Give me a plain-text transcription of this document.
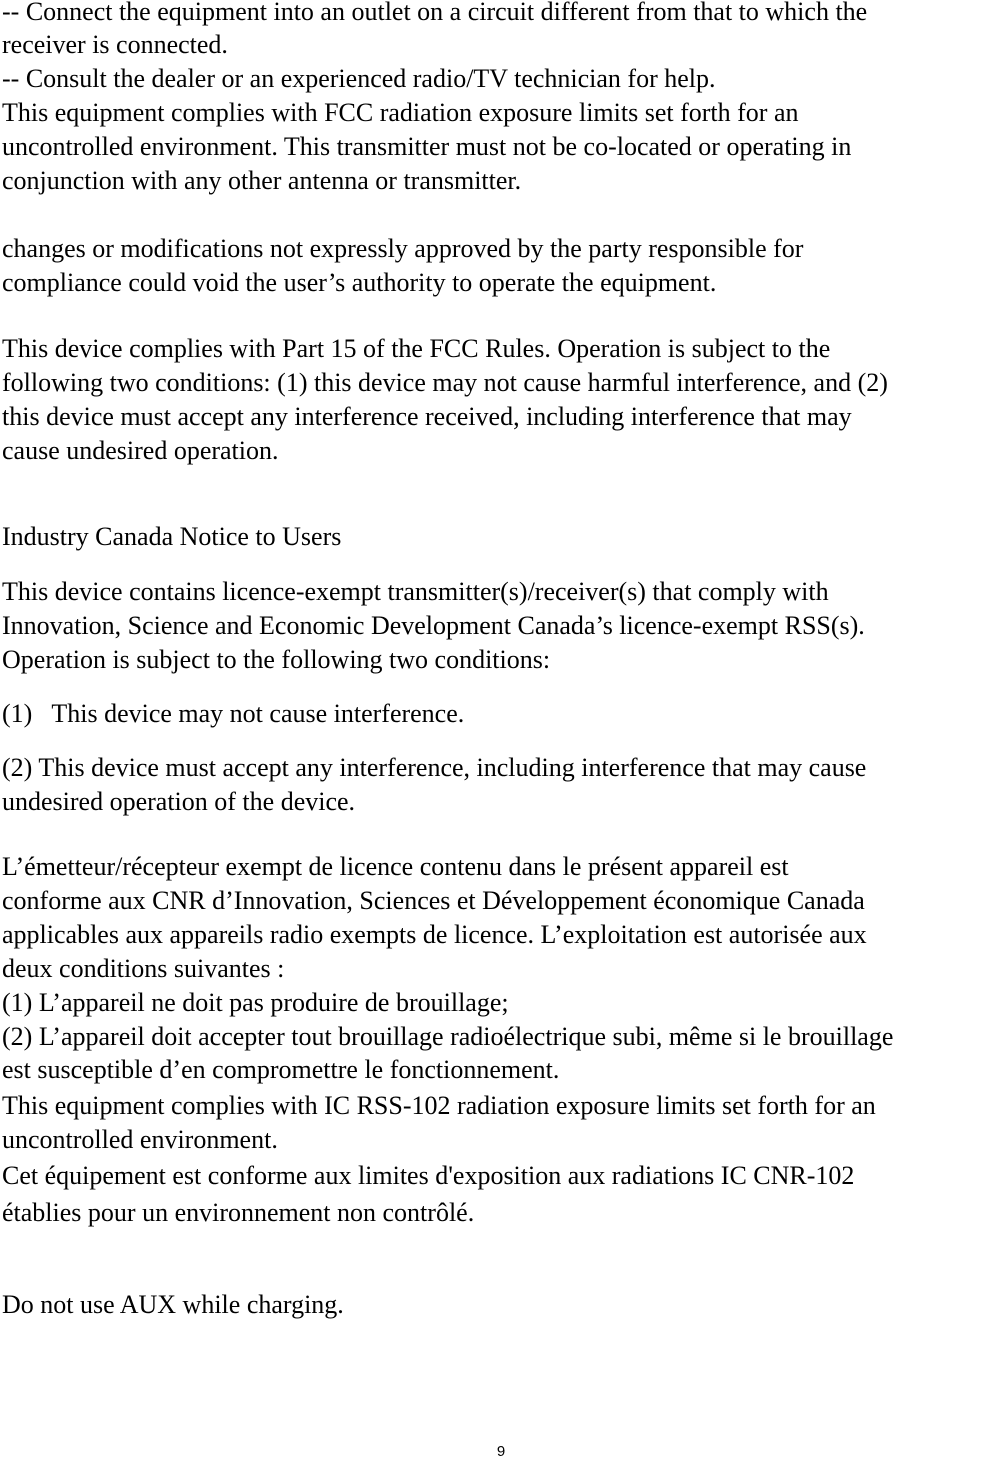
-- Connect the equipment into an outlet on a circuit different from that to which the
receiver is connected.
-- Consult the dealer or an experienced radio/TV technician for help.
This equipment complies with FCC radiation exposure limits set forth for an
uncontrolled environment. This transmitter must not be co-located or operating in
conjunction with any other antenna or transmitter.
changes or modifications not expressly approved by the party responsible for
compliance could void the user’s authority to operate the equipment.
This device complies with Part 15 of the FCC Rules. Operation is subject to the
following two conditions: (1) this device may not cause harmful interference, and (2)
this device must accept any interference received, including interference that may
cause undesired operation.
Industry Canada Notice to Users
This device contains licence-exempt transmitter(s)/receiver(s) that comply with
Innovation, Science and Economic Development Canada’s licence-exempt RSS(s).
Operation is subject to the following two conditions:
(1)   This device may not cause interference.
(2) This device must accept any interference, including interference that may cause
undesired operation of the device.
L’émetteur/récepteur exempt de licence contenu dans le présent appareil est
conforme aux CNR d’Innovation, Sciences et Développement économique Canada
applicables aux appareils radio exempts de licence. L’exploitation est autorisée aux
deux conditions suivantes :
(1) L’appareil ne doit pas produire de brouillage;
(2) L’appareil doit accepter tout brouillage radioélectrique subi, même si le brouillage
est susceptible d’en compromettre le fonctionnement.
This equipment complies with IC RSS‐102 radiation exposure limits set forth for an
uncontrolled environment.
Cet équipement est conforme aux limites d'exposition aux radiations IC CNR‐102
établies pour un environnement non contrôlé.
Do not use AUX while charging.
9
